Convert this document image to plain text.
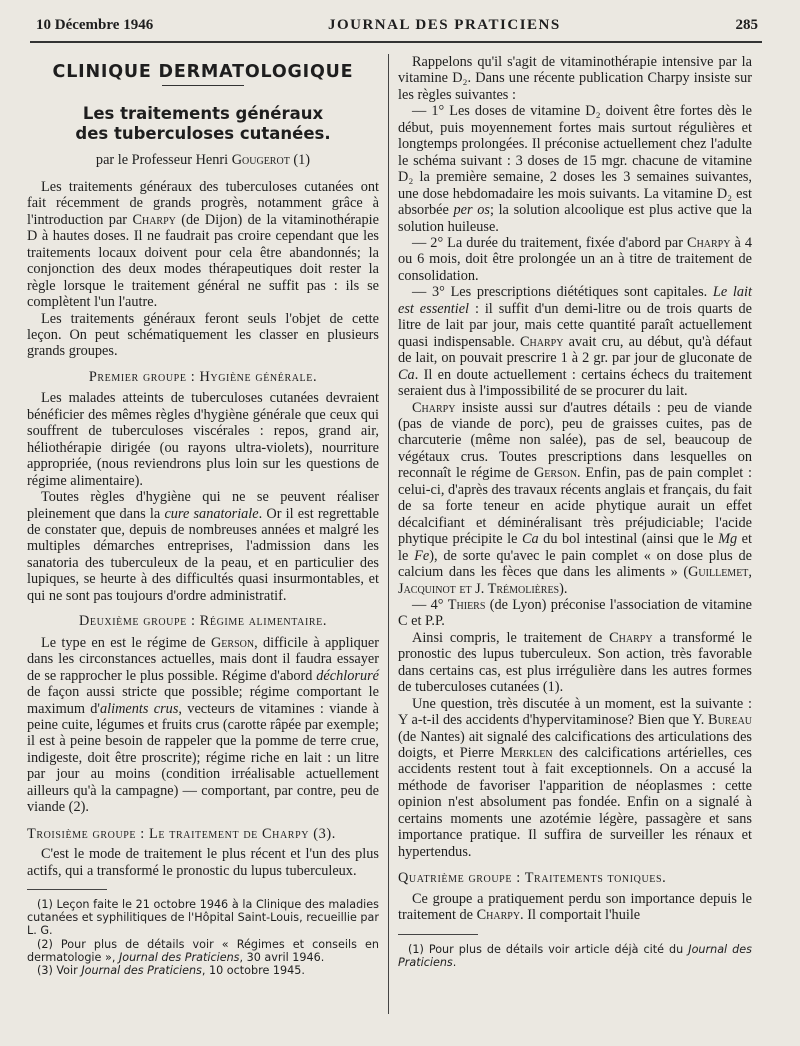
10 Décembre 1946	JOURNAL DES PRATICIENS	285
CLINIQUE DERMATOLOGIQUE
Les traitements généraux
des tuberculoses cutanées.

par le Professeur Henri Gougerot (1)

Les traitements généraux des tuberculoses cutanées ont fait récemment de grands progrès, notamment grâce à l'introduction par Charpy (de Dijon) de la vitaminothérapie D à hautes doses. Il ne faudrait pas croire cependant que les traitements locaux doivent pour cela être abandonnés; la conjonction des deux modes thérapeutiques doit rester la règle lorsque le traitement général ne suffit pas : ils se complètent l'un l'autre.

Les traitements généraux feront seuls l'objet de cette leçon. On peut schématiquement les classer en plusieurs grands groupes.

Premier groupe : Hygiène générale.

Les malades atteints de tuberculoses cutanées devraient bénéficier des mêmes règles d'hygiène générale que ceux qui souffrent de tuberculoses viscérales : repos, grand air, héliothérapie dirigée (ou rayons ultra-violets), nourriture appropriée, (nous reviendrons plus loin sur les questions de régime alimentaire).

Toutes règles d'hygiène qui ne se peuvent réaliser pleinement que dans la cure sanatoriale. Or il est regrettable de constater que, depuis de nombreuses années et malgré les multiples démarches entreprises, l'admission dans les sanatoria des tuberculeux de la peau, et en particulier des lupiques, se heurte à des difficultés quasi insurmontables, et qui ne sont pas toujours d'ordre administratif.

Deuxième groupe : Régime alimentaire.

Le type en est le régime de Gerson, difficile à appliquer dans les circonstances actuelles, mais dont il faudra essayer de se rapprocher le plus possible. Régime d'abord déchloruré de façon aussi stricte que possible; régime comportant le maximum d'aliments crus, vecteurs de vitamines : viande à peine cuite, légumes et fruits crus (carotte râpée par exemple; il est à peine besoin de rappeler que la pomme de terre crue, indigeste, doit être proscrite); régime riche en lait : un litre par jour au moins (condition irréalisable actuellement ailleurs qu'à la campagne) — comportant, par contre, peu de viande (2).

Troisième groupe : Le traitement de Charpy (3).

C'est le mode de traitement le plus récent et l'un des plus actifs, qui a transformé le pronostic du lupus tuberculeux.

(1) Leçon faite le 21 octobre 1946 à la Clinique des maladies cutanées et syphilitiques de l'Hôpital Saint-Louis, recueillie par L. G.

(2) Pour plus de détails voir « Régimes et conseils en dermatologie », Journal des Praticiens, 30 avril 1946.

(3) Voir Journal des Praticiens, 10 octobre 1945.

Rappelons qu'il s'agit de vitaminothérapie intensive par la vitamine D₂. Dans une récente publication Charpy insiste sur les règles suivantes :

— 1° Les doses de vitamine D₂ doivent être fortes dès le début, puis moyennement fortes mais surtout régulières et longtemps prolongées. Il préconise actuellement chez l'adulte le schéma suivant : 3 doses de 15 mgr. chacune de vitamine D₂ la première semaine, 2 doses les 3 semaines suivantes, une dose hebdomadaire les mois suivants. La vitamine D₂ est absorbée per os; la solution alcoolique est plus active que la solution huileuse.

— 2° La durée du traitement, fixée d'abord par Charpy à 4 ou 6 mois, doit être prolongée un an à titre de traitement de consolidation.

— 3° Les prescriptions diététiques sont capitales. Le lait est essentiel : il suffit d'un demi-litre ou de trois quarts de litre de lait par jour, mais cette quantité paraît actuellement quasi indispensable. Charpy avait cru, au début, qu'à défaut de lait, on pouvait prescrire 1 à 2 gr. par jour de gluconate de Ca. Il en doute actuellement : certains échecs du traitement seraient dus à l'impossibilité de se procurer du lait.

Charpy insiste aussi sur d'autres détails : peu de viande (pas de viande de porc), peu de graisses cuites, pas de charcuterie (même non salée), pas de sel, beaucoup de végétaux crus. Toutes prescriptions dans lesquelles on reconnaît le régime de Gerson. Enfin, pas de pain complet : celui-ci, d'après des travaux récents anglais et français, du fait de sa forte teneur en acide phytique aurait un effet décalcifiant et déminéralisant très préjudiciable; l'acide phytique précipite le Ca du bol intestinal (ainsi que le Mg et le Fe), de sorte qu'avec le pain complet « on dose plus de calcium dans les fèces que dans les aliments » (Guillemet, Jacquinot et J. Trémolières).

— 4° Thiers (de Lyon) préconise l'association de vitamine C et P.P.

Ainsi compris, le traitement de Charpy a transformé le pronostic des lupus tuberculeux. Son action, très favorable dans certains cas, est plus irrégulière dans les autres formes de tuberculoses cutanées (1).

Une question, très discutée à un moment, est la suivante : Y a-t-il des accidents d'hypervitaminose? Bien que Y. Bureau (de Nantes) ait signalé des calcifications des articulations des doigts, et Pierre Merklen des calcifications artérielles, ces accidents restent tout à fait exceptionnels. On a accusé la méthode de favoriser l'apparition de néoplasmes : cette opinion n'est absolument pas fondée. Enfin on a signalé à certains moments une azotémie légère, passagère et sans importance pratique. Il suffira de surveiller les rénaux et hypertendus.

Quatrième groupe : Traitements toniques.

Ce groupe a pratiquement perdu son importance depuis le traitement de Charpy. Il comportait l'huile

(1) Pour plus de détails voir article déjà cité du Journal des Praticiens.
